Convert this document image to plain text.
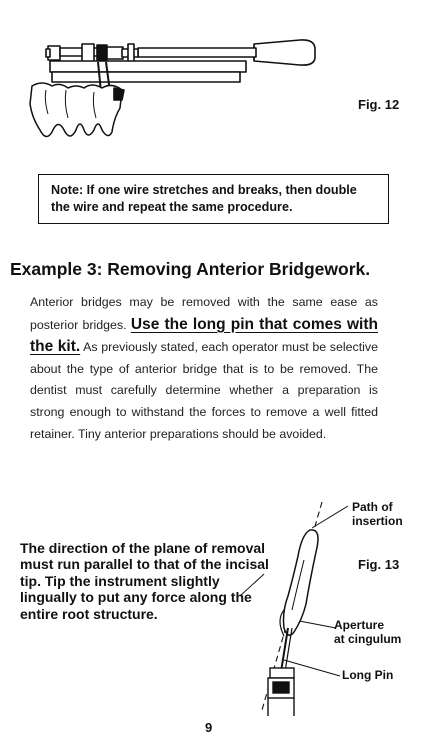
Fig. 12
Note: If one wire stretches and breaks, then double the wire and repeat the same procedure.
Example 3: Removing Anterior Bridgework.
Anterior bridges may be removed with the same ease as posterior bridges. Use the long pin that comes with the kit. As previously stated, each operator must be selective about the type of anterior bridge that is to be removed. The dentist must carefully determine whether a preparation is strong enough to withstand the forces to remove a well fitted retainer. Tiny anterior preparations should be avoided.
The direction of the plane of removal must run parallel to that of the incisal tip. Tip the instrument slightly lingually to put any force along the entire root structure.
Path of
insertion
Fig. 13
Aperture
at cingulum
Long Pin
9
